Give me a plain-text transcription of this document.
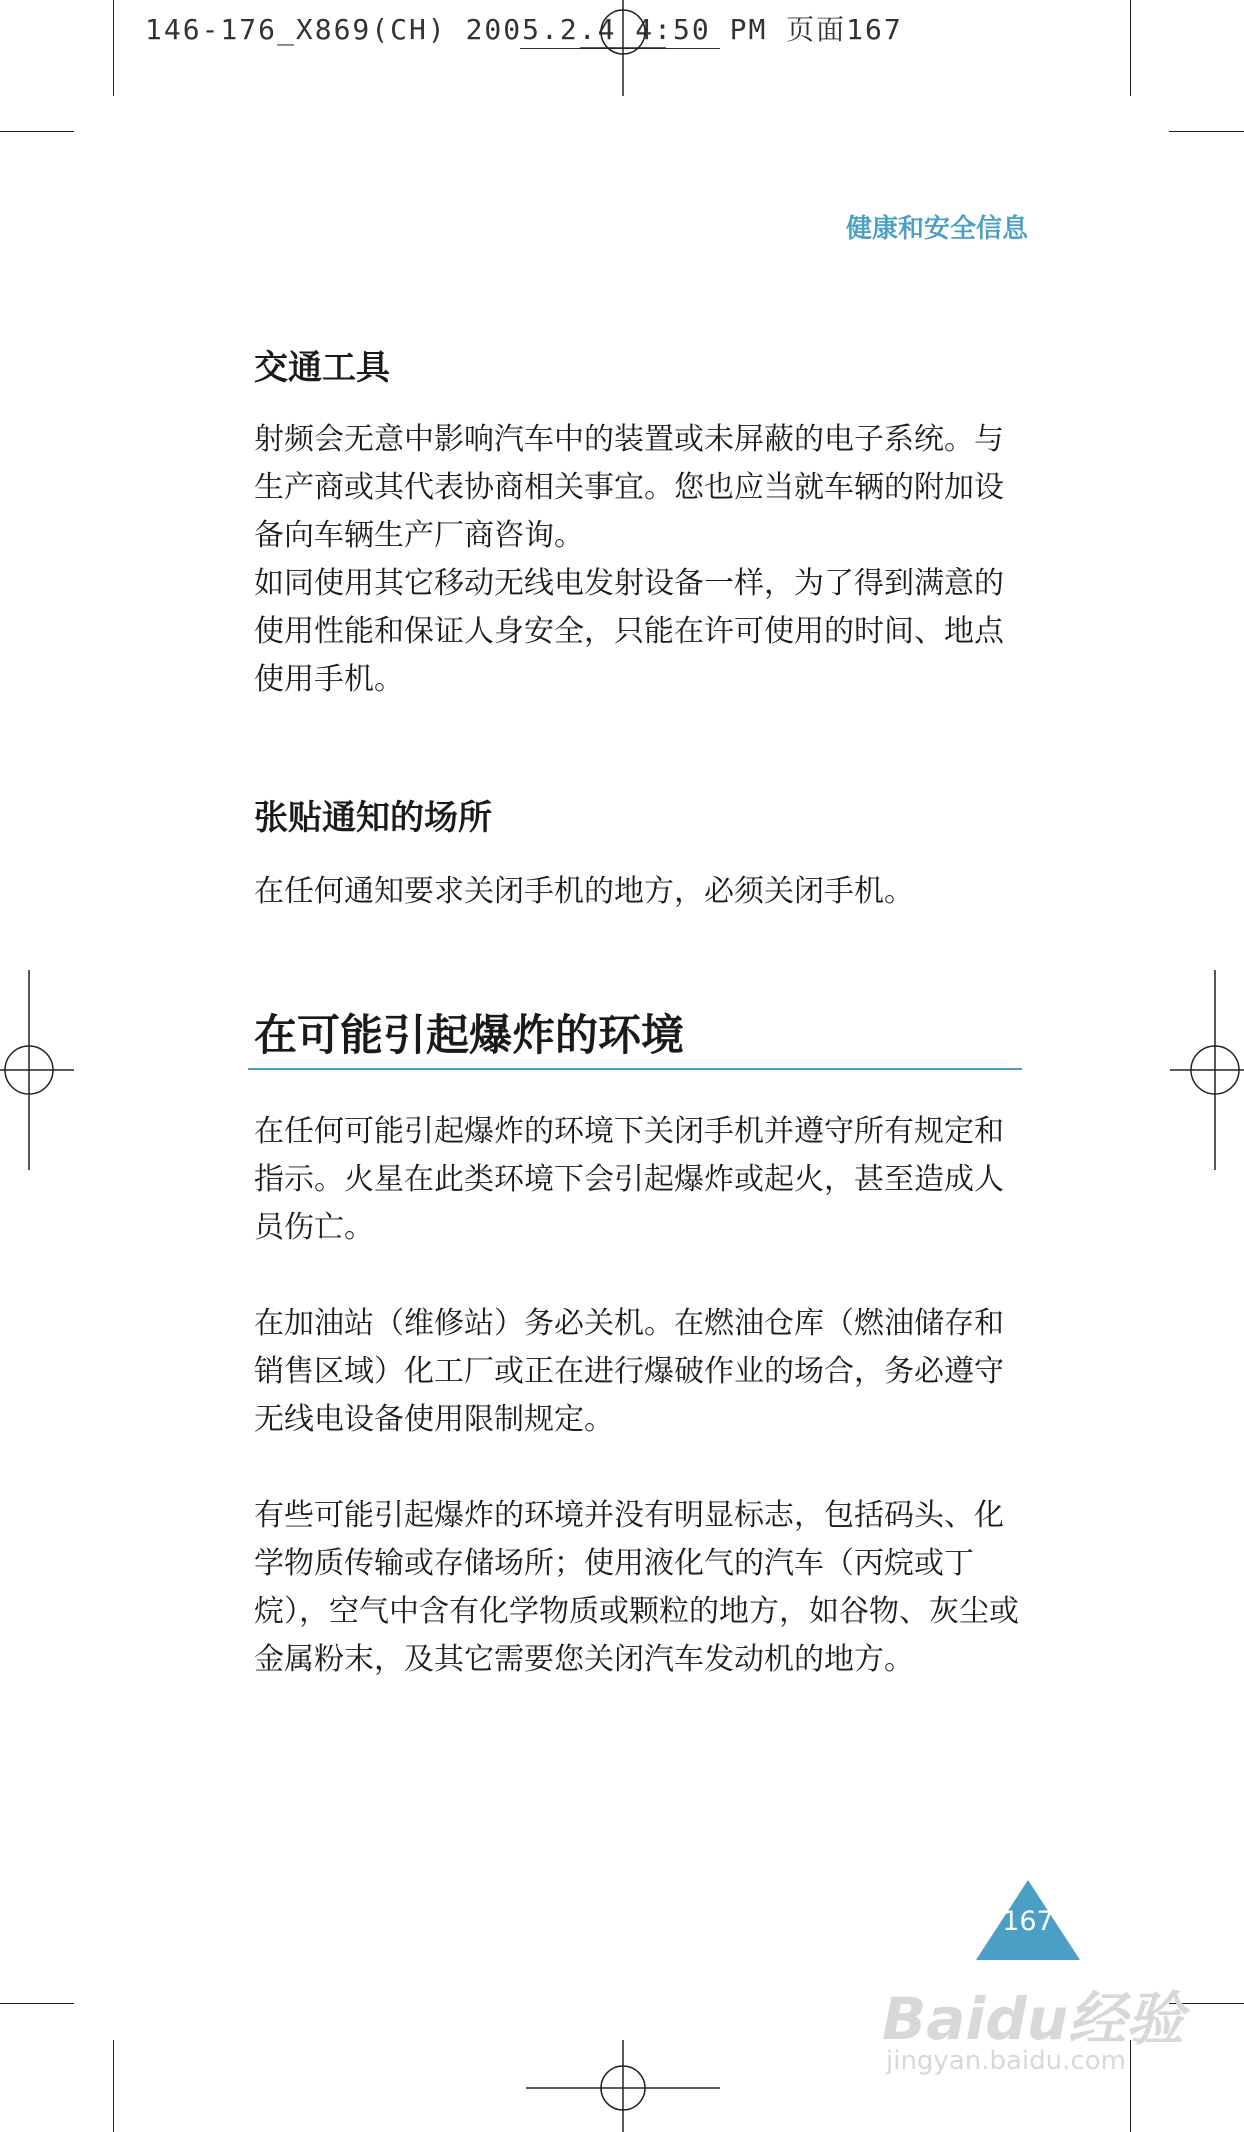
146-176_X869(CH) 2005.2.4 4:50 PM 页面167
健康和安全信息
交通工具

射频会无意中影响汽车中的装置或未屏蔽的电子系统。与生产商或其代表协商相关事宜。您也应当就车辆的附加设备向车辆生产厂商咨询。

如同使用其它移动无线电发射设备一样，为了得到满意的使用性能和保证人身安全，只能在许可使用的时间、地点使用手机。

张贴通知的场所

在任何通知要求关闭手机的地方，必须关闭手机。

在可能引起爆炸的环境

在任何可能引起爆炸的环境下关闭手机并遵守所有规定和指示。火星在此类环境下会引起爆炸或起火，甚至造成人员伤亡。

在加油站（维修站）务必关机。在燃油仓库（燃油储存和销售区域）化工厂或正在进行爆破作业的场合，务必遵守无线电设备使用限制规定。

有些可能引起爆炸的环境并没有明显标志，包括码头、化学物质传输或存储场所；使用液化气的汽车（丙烷或丁烷），空气中含有化学物质或颗粒的地方，如谷物、灰尘或金属粉末，及其它需要您关闭汽车发动机的地方。

167
Baidu经验
jingyan.baidu.com
